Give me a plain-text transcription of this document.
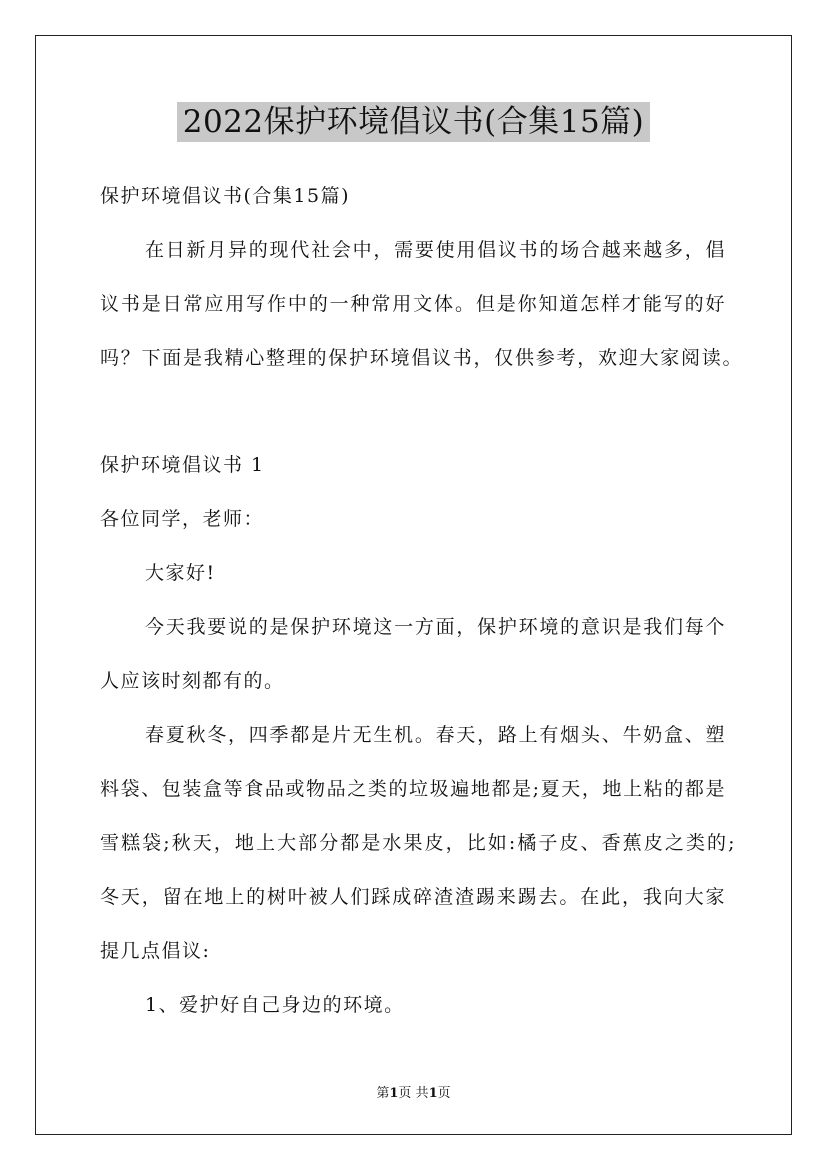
2022保护环境倡议书(合集15篇)
保护环境倡议书(合集15篇)
在日新月异的现代社会中，需要使用倡议书的场合越来越多，倡
议书是日常应用写作中的一种常用文体。但是你知道怎样才能写的好
吗？下面是我精心整理的保护环境倡议书，仅供参考，欢迎大家阅读。
保护环境倡议书 1
各位同学，老师：
大家好!
今天我要说的是保护环境这一方面，保护环境的意识是我们每个
人应该时刻都有的。
春夏秋冬，四季都是片无生机。春天，路上有烟头、牛奶盒、塑
料袋、包装盒等食品或物品之类的垃圾遍地都是;夏天，地上粘的都是
雪糕袋;秋天，地上大部分都是水果皮，比如:橘子皮、香蕉皮之类的;
冬天，留在地上的树叶被人们踩成碎渣渣踢来踢去。在此，我向大家
提几点倡议:
1、爱护好自己身边的环境。
第1页 共1页
